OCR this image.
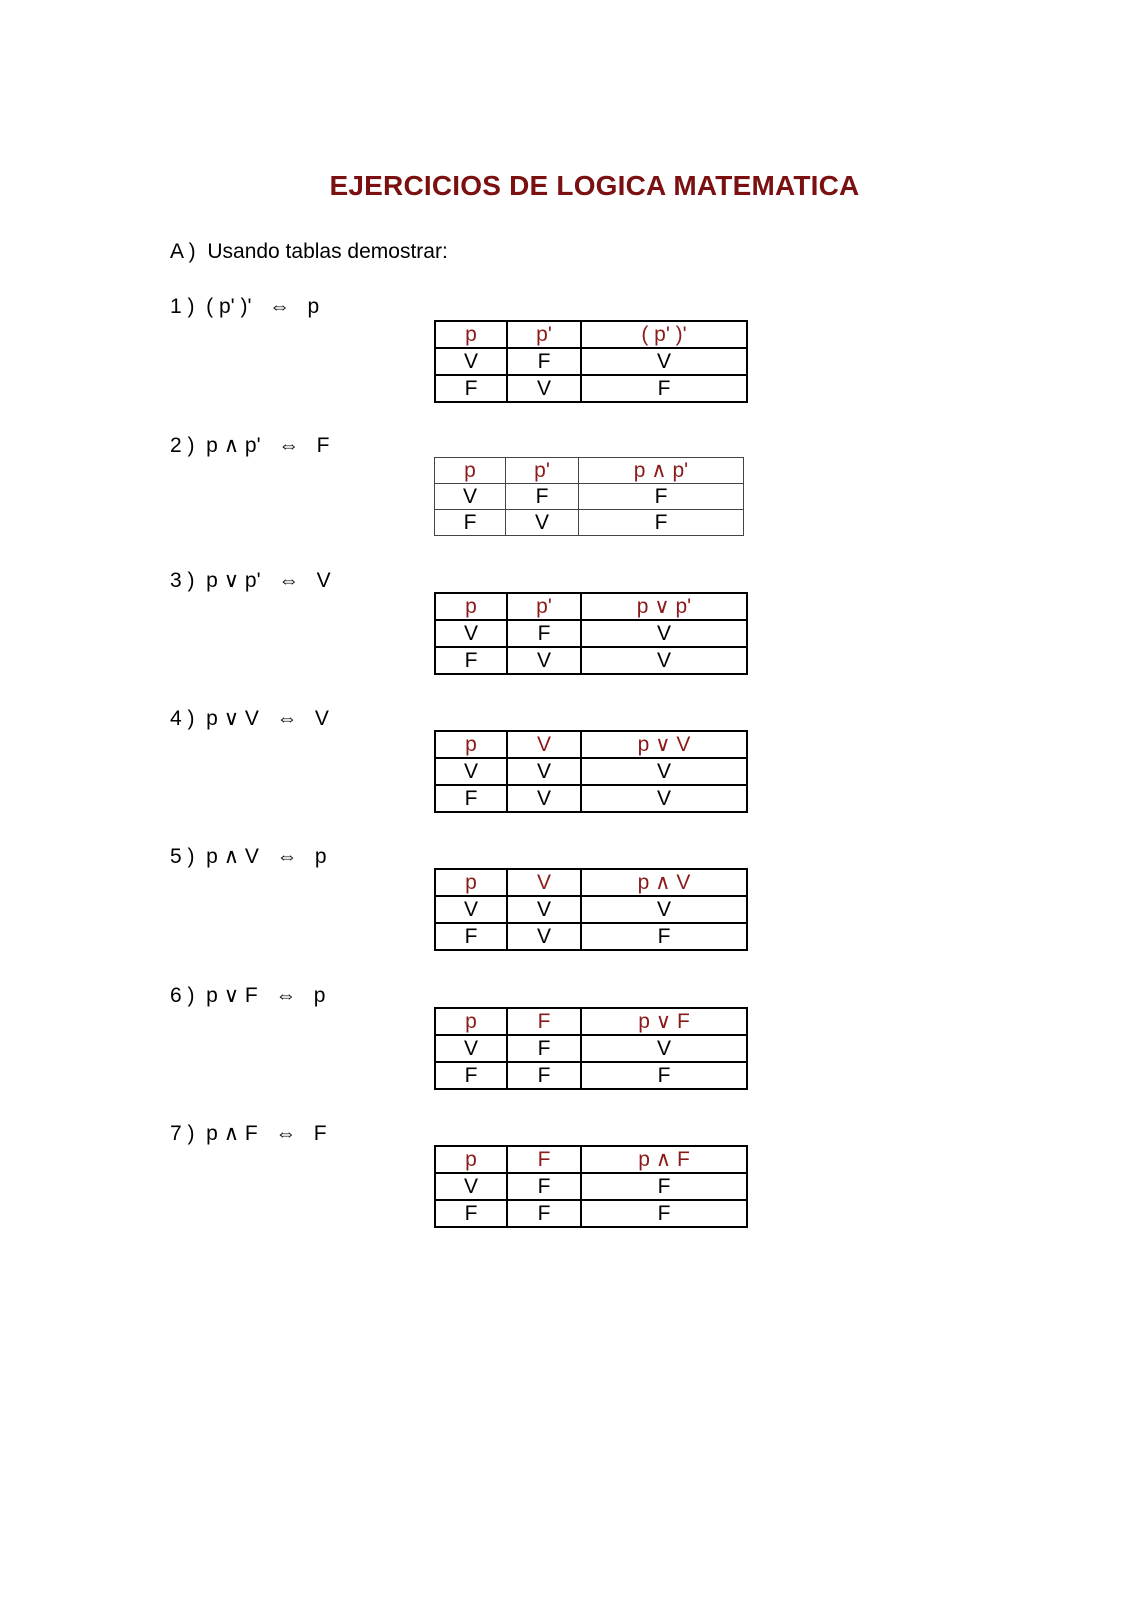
EJERCICIOS DE LOGICA MATEMATICA
A )  Usando tablas demostrar:
1 )  ( p' )'   ⇔   p
p	p'	( p' )'
V	F	V
F	V	F
2 )  p ∧ p'   ⇔   F
p	p'	p ∧ p'
V	F	F
F	V	F
3 )  p ∨ p'   ⇔   V
p	p'	p ∨ p'
V	F	V
F	V	V
4 )  p ∨ V   ⇔   V
p	V	p ∨ V
V	V	V
F	V	V
5 )  p ∧ V   ⇔   p
p	V	p ∧ V
V	V	V
F	V	F
6 )  p ∨ F   ⇔   p
p	F	p ∨ F
V	F	V
F	F	F
7 )  p ∧ F   ⇔   F
p	F	p ∧ F
V	F	F
F	F	F
